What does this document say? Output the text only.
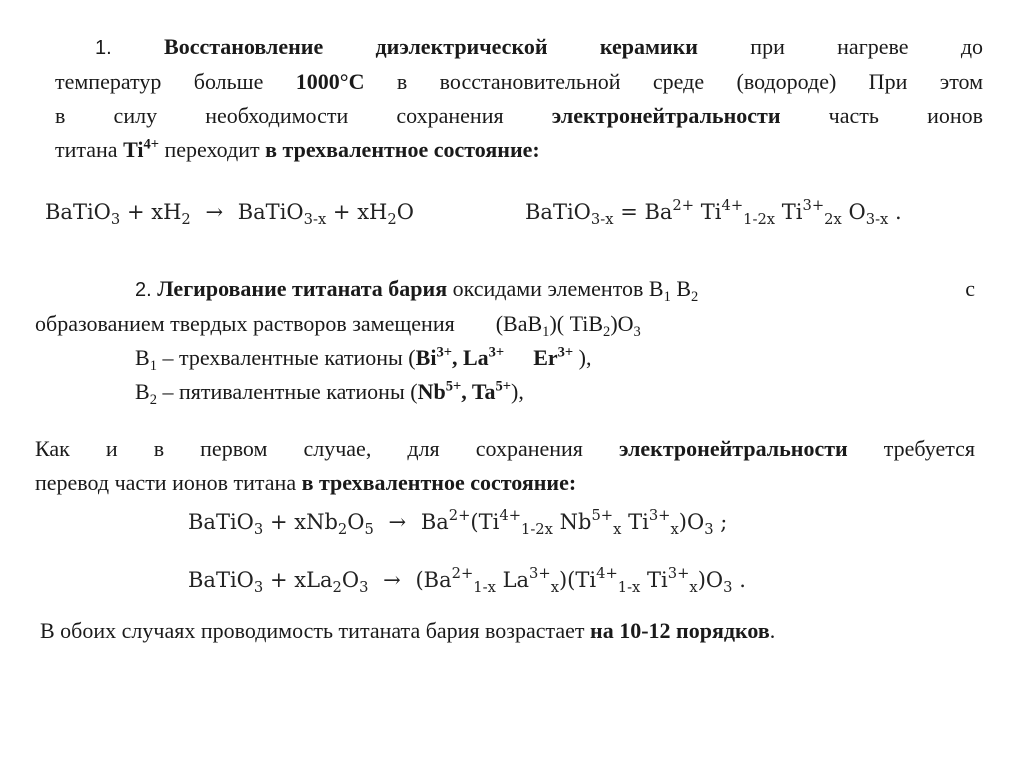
1. Восстановление диэлектрической керамики при нагреве до
температур больше 1000°C в восстановительной среде (водороде) При этом
в силу необходимости сохранения электронейтральности часть ионов
титана $Ti^{4+}$ переходит в трехвалентное состояние:
BaTiO$_3$ + $xH_2$ → BaTiO$_{3-x}$ + $xH_2O$	BaTiO$_{3-x}$ = $Ba^{2+}$ $Ti^{4+}_{1-2x}$ $Ti^{3+}_{2x}$ $O_{3-x}$ .
2. Легирование титаната бария оксидами элементов $B_1$ $B_2$	с
образованием твердых растворов замещения (BaB$_1$)( $TiB_2)O_3$
$B_1$ – трехвалентные катионы ($Bi^{3+}$, $La^{3+}$ $Er^{3+}$ ),
$B_2$ – пятивалентные катионы ($Nb^{5+}$, $Ta^{5+}$),
Как и в первом случае, для сохранения электронейтральности требуется
перевод части ионов титана в трехвалентное состояние:
BaTiO$_3$ + $xNb_2O_5 \to Ba^{2+}(Ti^{4+}_{1-2x}$ $Nb^{5+}_x$ $Ti^{3+}_x)O_3$ ;
BaTiO$_3$ + $xLa_2O_3 \to (Ba^{2+}_{1-x}$ $La^{3+}_x)(Ti^{4+}_{1-x}$ $Ti^{3+}_x)O_3$ .
В обоих случаях проводимость титаната бария возрастает на 10-12 порядков.
